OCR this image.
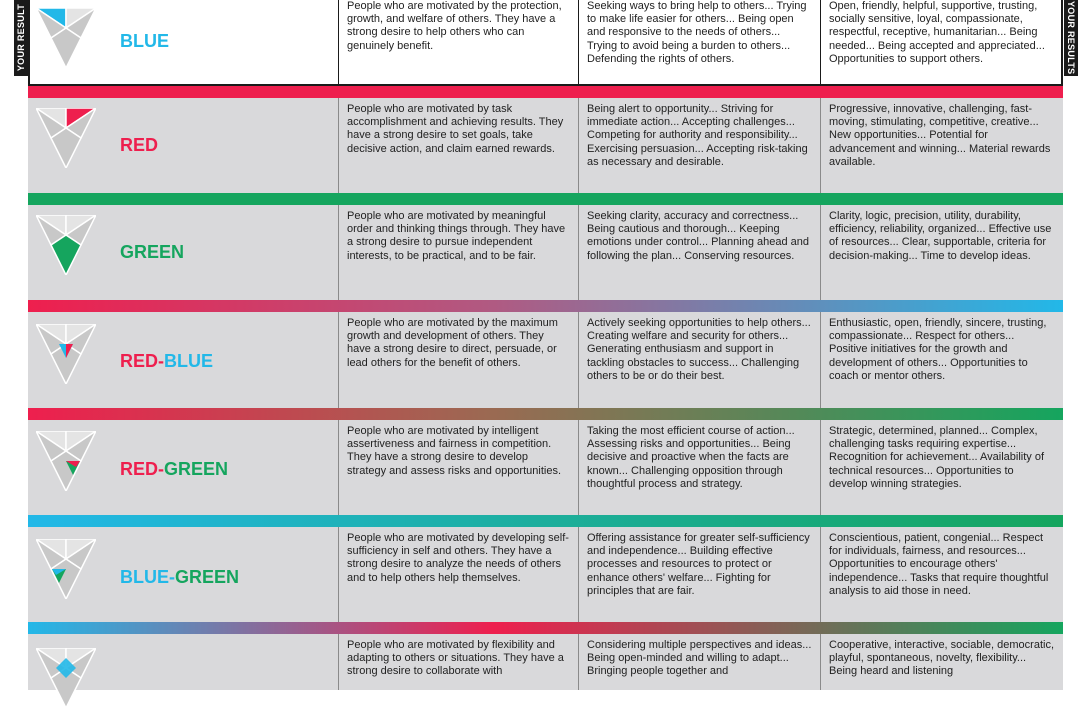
YOUR RESULT	YOUR RESULTS
BLUE
People who are motivated by the protection, growth, and welfare of others. They have a strong desire to help others who can genuinely benefit.
Seeking ways to bring help to others... Trying to make life easier for others... Being open and responsive to the needs of others... Trying to avoid being a burden to others... Defending the rights of others.
Open, friendly, helpful, supportive, trusting, socially sensitive, loyal, compassionate, respectful, receptive, humanitarian... Being needed... Being accepted and appreciated... Opportunities to support others.
RED
People who are motivated by task accomplishment and achieving results. They have a strong desire to set goals, take decisive action, and claim earned rewards.
Being alert to opportunity... Striving for immediate action... Accepting challenges... Competing for authority and responsibility... Exercising persuasion... Accepting risk-taking as necessary and desirable.
Progressive, innovative, challenging, fast-moving, stimulating, competitive, creative... New opportunities... Potential for advancement and winning... Material rewards available.
GREEN
People who are motivated by meaningful order and thinking things through. They have a strong desire to pursue independent interests, to be practical, and to be fair.
Seeking clarity, accuracy and correctness... Being cautious and thorough... Keeping emotions under control... Planning ahead and following the plan... Conserving resources.
Clarity, logic, precision, utility, durability, efficiency, reliability, organized... Effective use of resources... Clear, supportable, criteria for decision-making... Time to develop ideas.
RED-BLUE
People who are motivated by the maximum growth and development of others. They have a strong desire to direct, persuade, or lead others for the benefit of others.
Actively seeking opportunities to help others... Creating welfare and security for others... Generating enthusiasm and support in tackling obstacles to success... Challenging others to be or do their best.
Enthusiastic, open, friendly, sincere, trusting, compassionate... Respect for others... Positive initiatives for the growth and development of others... Opportunities to coach or mentor others.
RED-GREEN
People who are motivated by intelligent assertiveness and fairness in competition. They have a strong desire to develop strategy and assess risks and opportunities.
Taking the most efficient course of action... Assessing risks and opportunities... Being decisive and proactive when the facts are known... Challenging opposition through thoughtful process and strategy.
Strategic, determined, planned... Complex, challenging tasks requiring expertise... Recognition for achievement... Availability of technical resources... Opportunities to develop winning strategies.
BLUE-GREEN
People who are motivated by developing self-sufficiency in self and others. They have a strong desire to analyze the needs of others and to help others help themselves.
Offering assistance for greater self-sufficiency and independence... Building effective processes and resources to protect or enhance others' welfare... Fighting for principles that are fair.
Conscientious, patient, congenial... Respect for individuals, fairness, and resources... Opportunities to encourage others' independence... Tasks that require thoughtful analysis to aid those in need.
People who are motivated by flexibility and adapting to others or situations. They have a strong desire to collaborate with
Considering multiple perspectives and ideas... Being open-minded and willing to adapt... Bringing people together and
Cooperative, interactive, sociable, democratic, playful, spontaneous, novelty, flexibility... Being heard and listening
